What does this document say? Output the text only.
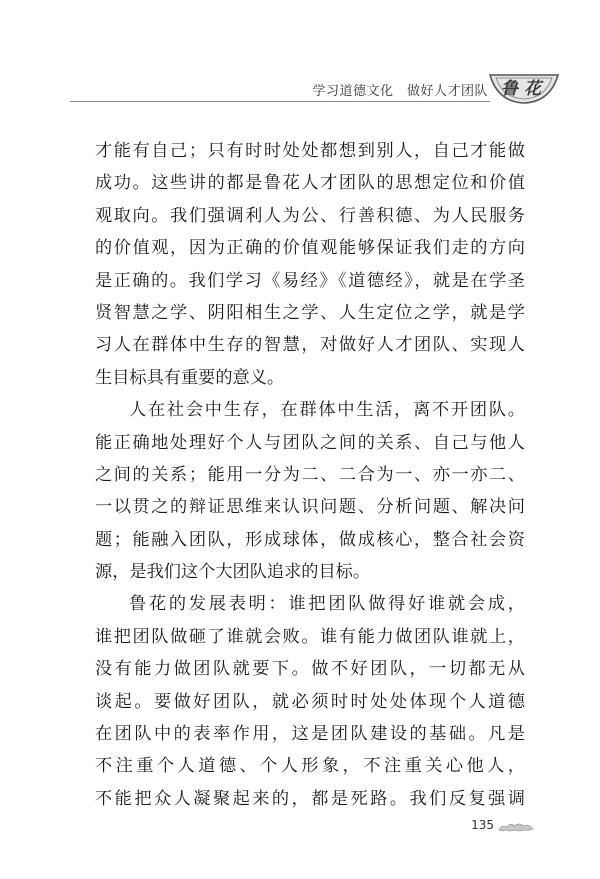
学习道德文化　做好人才团队 鲁花
才能有自己；只有时时处处都想到别人，自己才能做
成功。这些讲的都是鲁花人才团队的思想定位和价值
观取向。我们强调利人为公、行善积德、为人民服务
的价值观，因为正确的价值观能够保证我们走的方向
是正确的。我们学习《易经》《道德经》，就是在学圣
贤智慧之学、阴阳相生之学、人生定位之学，就是学
习人在群体中生存的智慧，对做好人才团队、实现人
生目标具有重要的意义。
人在社会中生存，在群体中生活，离不开团队。
能正确地处理好个人与团队之间的关系、自己与他人
之间的关系；能用一分为二、二合为一、亦一亦二、
一以贯之的辩证思维来认识问题、分析问题、解决问
题；能融入团队，形成球体，做成核心，整合社会资
源，是我们这个大团队追求的目标。
鲁花的发展表明：谁把团队做得好谁就会成，
谁把团队做砸了谁就会败。谁有能力做团队谁就上，
没有能力做团队就要下。做不好团队，一切都无从
谈起。要做好团队，就必须时时处处体现个人道德
在团队中的表率作用，这是团队建设的基础。凡是
不注重个人道德、个人形象，不注重关心他人，
不能把众人凝聚起来的，都是死路。我们反复强调
135
